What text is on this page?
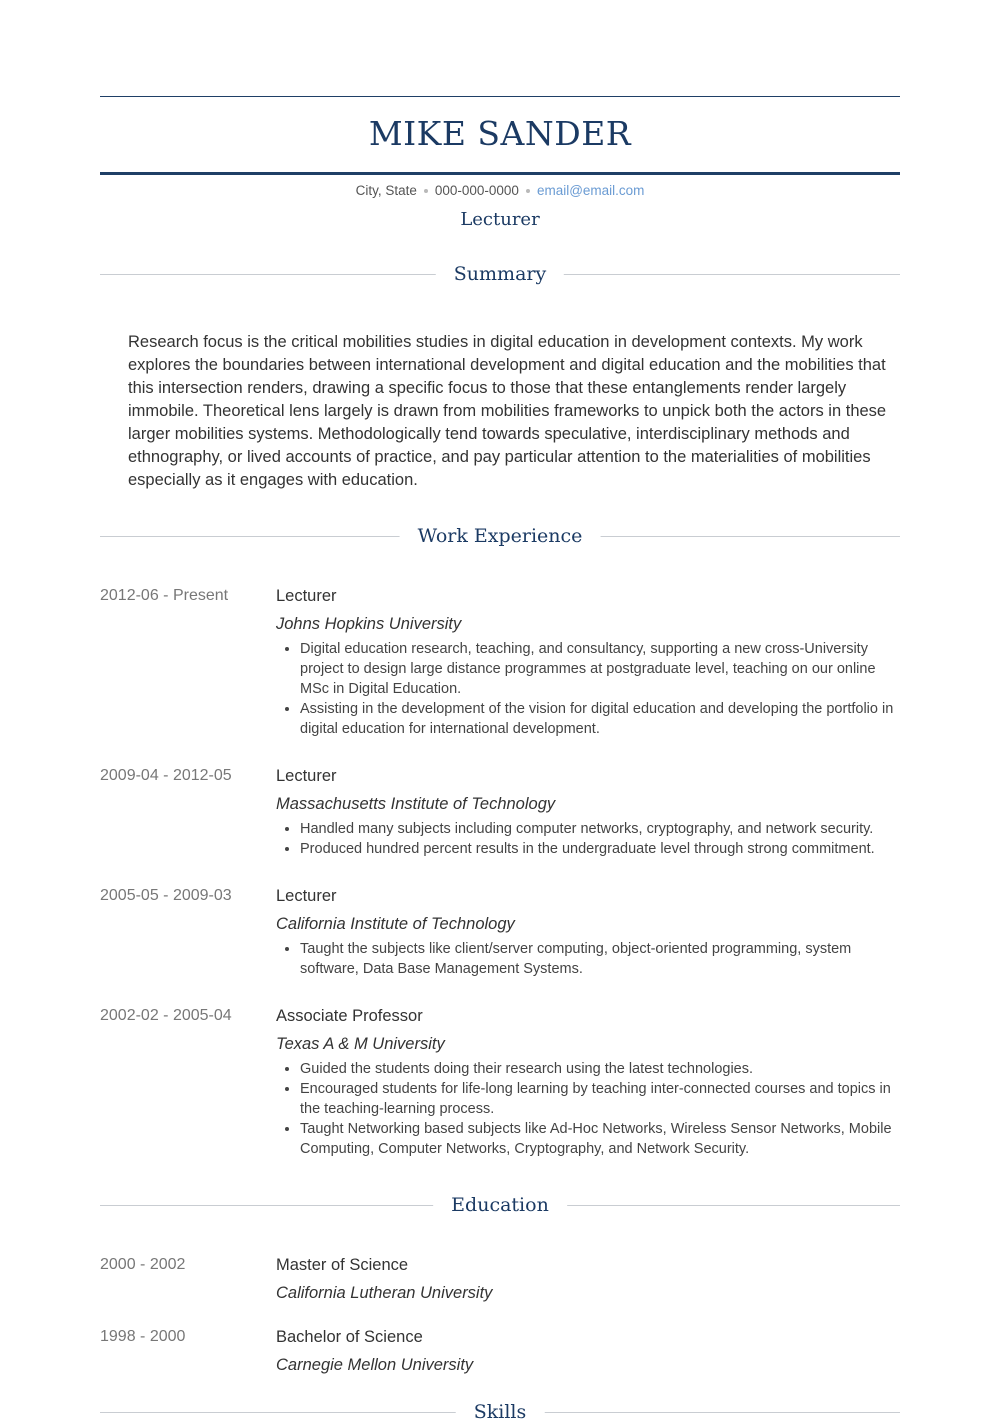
MIKE SANDER
City, State 000-000-0000 email@email.com
Lecturer
Summary
Research focus is the critical mobilities studies in digital education in development contexts. My work explores the boundaries between international development and digital education and the mobilities that this intersection renders, drawing a specific focus to those that these entanglements render largely immobile. Theoretical lens largely is drawn from mobilities frameworks to unpick both the actors in these larger mobilities systems. Methodologically tend towards speculative, interdisciplinary methods and ethnography, or lived accounts of practice, and pay particular attention to the materialities of mobilities especially as it engages with education.
Work Experience
2012-06 - Present	Lecturer
Johns Hopkins University
• Digital education research, teaching, and consultancy, supporting a new cross-University project to design large distance programmes at postgraduate level, teaching on our online MSc in Digital Education.
• Assisting in the development of the vision for digital education and developing the portfolio in digital education for international development.
2009-04 - 2012-05	Lecturer
Massachusetts Institute of Technology
• Handled many subjects including computer networks, cryptography, and network security.
• Produced hundred percent results in the undergraduate level through strong commitment.
2005-05 - 2009-03	Lecturer
California Institute of Technology
• Taught the subjects like client/server computing, object-oriented programming, system software, Data Base Management Systems.
2002-02 - 2005-04	Associate Professor
Texas A & M University
• Guided the students doing their research using the latest technologies.
• Encouraged students for life-long learning by teaching inter-connected courses and topics in the teaching-learning process.
• Taught Networking based subjects like Ad-Hoc Networks, Wireless Sensor Networks, Mobile Computing, Computer Networks, Cryptography, and Network Security.
Education
2000 - 2002	Master of Science
California Lutheran University
1998 - 2000	Bachelor of Science
Carnegie Mellon University
Skills
